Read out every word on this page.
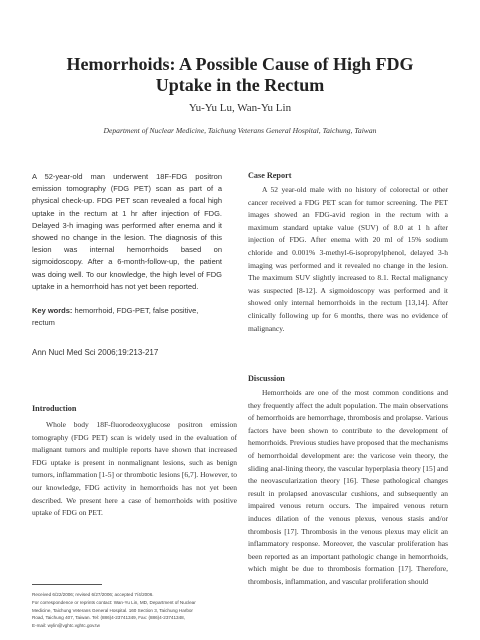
Hemorrhoids: A Possible Cause of High FDG Uptake in the Rectum
Yu-Yu Lu, Wan-Yu Lin
Department of Nuclear Medicine, Taichung Veterans General Hospital, Taichung, Taiwan

A 52-year-old man underwent 18F-FDG positron emission tomography (FDG PET) scan as part of a physical check-up. FDG PET scan revealed a focal high uptake in the rectum at 1 hr after injection of FDG. Delayed 3-h imaging was performed after enema and it showed no change in the lesion. The diagnosis of this lesion was internal hemorrhoids based on sigmoidoscopy. After a 6-month-follow-up, the patient was doing well. To our knowledge, the high level of FDG uptake in a hemorrhoid has not yet been reported.

Key words: hemorrhoid, FDG-PET, false positive, rectum
Ann Nucl Med Sci 2006;19:213-217
Introduction

Whole body 18F-fluorodeoxyglucose positron emission tomography (FDG PET) scan is widely used in the evaluation of malignant tumors and multiple reports have shown that increased FDG uptake is present in nonmalignant lesions, such as benign tumors, inflammation [1-5] or thrombotic lesions [6,7]. However, to our knowledge, FDG activity in hemorrhoids has not yet been described. We present here a case of hemorrhoids with positive uptake of FDG on PET.

Received 6/22/2006; revised 6/27/2006; accepted 7/4/2006.
For correspondence or reprints contact: Wan-Yu Lin, MD, Department of Nuclear
Medicine, Taichung Veterans General Hospital. 160 Section 3, Taichung Harbor
Road, Taichung 407, Taiwan. Tel: (886)4-23741349, Fax: (886)4-23741348,
E-mail: wylin@vghtc.vghtc.gov.tw
Case Report

A 52 year-old male with no history of colorectal or other cancer received a FDG PET scan for tumor screening. The PET images showed an FDG-avid region in the rectum with a maximum standard uptake value (SUV) of 8.0 at 1 h after injection of FDG. After enema with 20 ml of 15% sodium chloride and 0.001% 3-methyl-6-isopropylphenol, delayed 3-h imaging was performed and it revealed no change in the lesion. The maximum SUV slightly increased to 8.1. Rectal malignancy was suspected [8-12]. A sigmoidoscopy was performed and it showed only internal hemorrhoids in the rectum [13,14]. After clinically following up for 6 months, there was no evidence of malignancy.

Discussion

Hemorrhoids are one of the most common conditions and they frequently affect the adult population. The main observations of hemorrhoids are hemorrhage, thrombosis and prolapse. Various factors have been shown to contribute to the development of hemorrhoids. Previous studies have proposed that the mechanisms of hemorrhoidal development are: the varicose vein theory, the sliding anal-lining theory, the vascular hyperplasia theory [15] and the neovascularization theory [16]. These pathological changes result in prolapsed anovascular cushions, and subsequently an impaired venous return occurs. The impaired venous return induces dilation of the venous plexus, venous stasis and/or thrombosis [17]. Thrombosis in the venous plexus may elicit an inflammatory response. Moreover, the vascular proliferation has been reported as an important pathologic change in hemorrhoids, which might be due to thrombosis formation [17]. Therefore, thrombosis, inflammation, and vascular proliferation should
